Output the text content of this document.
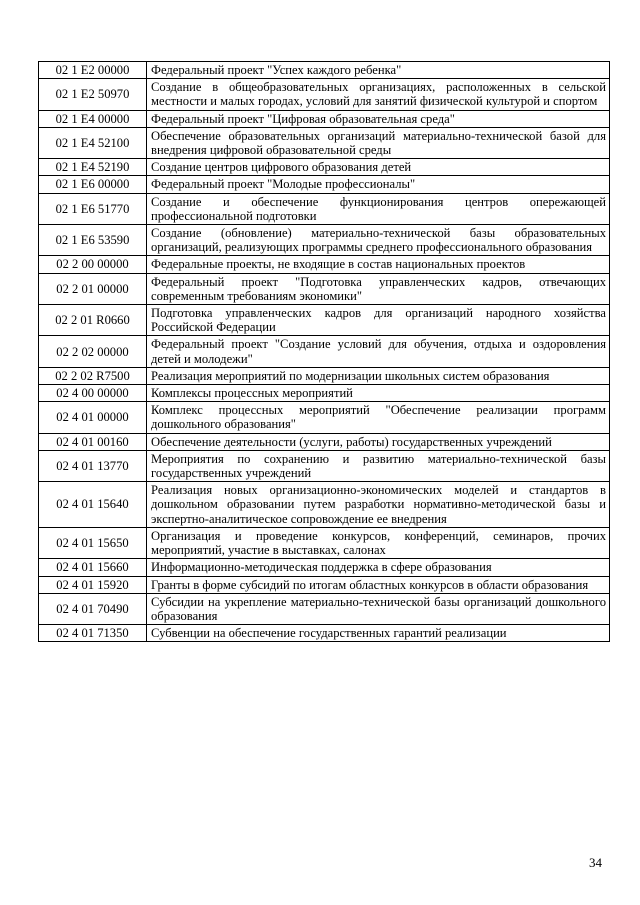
02 1 E2 00000	Федеральный проект "Успех каждого ребенка"
02 1 E2 50970	Создание в общеобразовательных организациях, расположенных в сельской местности и малых городах, условий для занятий физической культурой и спортом
02 1 E4 00000	Федеральный проект "Цифровая образовательная среда"
02 1 E4 52100	Обеспечение образовательных организаций материально-технической базой для внедрения цифровой образовательной среды
02 1 E4 52190	Создание центров цифрового образования детей
02 1 E6 00000	Федеральный проект "Молодые профессионалы"
02 1 E6 51770	Создание и обеспечение функционирования центров опережающей профессиональной подготовки
02 1 E6 53590	Создание (обновление) материально-технической базы образовательных организаций, реализующих программы среднего профессионального образования
02 2 00 00000	Федеральные проекты, не входящие в состав национальных проектов
02 2 01 00000	Федеральный проект "Подготовка управленческих кадров, отвечающих современным требованиям экономики"
02 2 01 R0660	Подготовка управленческих кадров для организаций народного хозяйства Российской Федерации
02 2 02 00000	Федеральный проект "Создание условий для обучения, отдыха и оздоровления детей и молодежи"
02 2 02 R7500	Реализация мероприятий по модернизации школьных систем образования
02 4 00 00000	Комплексы процессных мероприятий
02 4 01 00000	Комплекс процессных мероприятий "Обеспечение реализации программ дошкольного образования"
02 4 01 00160	Обеспечение деятельности (услуги, работы) государственных учреждений
02 4 01 13770	Мероприятия по сохранению и развитию материально-технической базы государственных учреждений
02 4 01 15640	Реализация новых организационно-экономических моделей и стандартов в дошкольном образовании путем разработки нормативно-методической базы и экспертно-аналитическое сопровождение ее внедрения
02 4 01 15650	Организация и проведение конкурсов, конференций, семинаров, прочих мероприятий, участие в выставках, салонах
02 4 01 15660	Информационно-методическая поддержка в сфере образования
02 4 01 15920	Гранты в форме субсидий по итогам областных конкурсов в области образования
02 4 01 70490	Субсидии на укрепление материально-технической базы организаций дошкольного образования
02 4 01 71350	Субвенции на обеспечение государственных гарантий реализации
34
